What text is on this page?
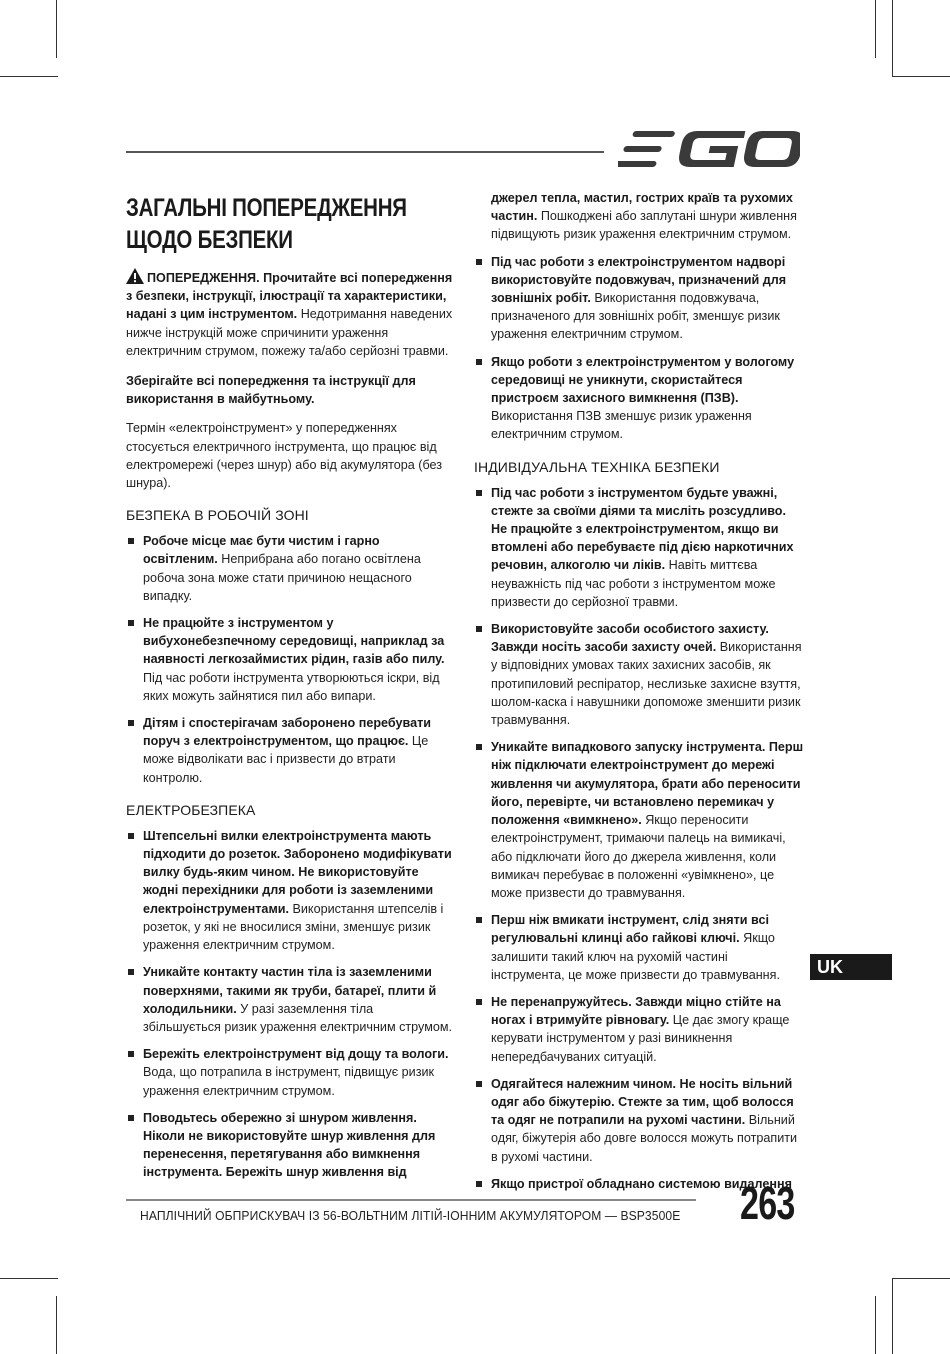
ЗАГАЛЬНІ ПОПЕРЕДЖЕННЯ ЩОДО БЕЗПЕКИ

ПОПЕРЕДЖЕННЯ. Прочитайте всі попередження з безпеки, інструкції, ілюстрації та характеристики, надані з цим інструментом. Недотримання наведених нижче інструкцій може спричинити ураження електричним струмом, пожежу та/або серйозні травми.

Зберігайте всі попередження та інструкції для використання в майбутньому.

Термін «електроінструмент» у попередженнях стосується електричного інструмента, що працює від електромережі (через шнур) або від акумулятора (без шнура).

БЕЗПЕКА В РОБОЧІЙ ЗОНІ
Робоче місце має бути чистим і гарно освітленим. Неприбрана або погано освітлена робоча зона може стати причиною нещасного випадку.
Не працюйте з інструментом у вибухонебезпечному середовищі, наприклад за наявності легкозаймистих рідин, газів або пилу. Під час роботи інструмента утворюються іскри, від яких можуть зайнятися пил або випари.
Дітям і спостерігачам заборонено перебувати поруч з електроінструментом, що працює. Це може відволікати вас і призвести до втрати контролю.
ЕЛЕКТРОБЕЗПЕКА
Штепсельні вилки електроінструмента мають підходити до розеток. Заборонено модифікувати вилку будь-яким чином. Не використовуйте жодні перехідники для роботи із заземленими електроінструментами. Використання штепселів і розеток, у які не вносилися зміни, зменшує ризик ураження електричним струмом.
Уникайте контакту частин тіла із заземленими поверхнями, такими як труби, батареї, плити й холодильники. У разі заземлення тіла збільшується ризик ураження електричним струмом.
Бережіть електроінструмент від дощу та вологи. Вода, що потрапила в інструмент, підвищує ризик ураження електричним струмом.
Поводьтесь обережно зі шнуром живлення. Ніколи не використовуйте шнур живлення для перенесення, перетягування або вимкнення інструмента. Бережіть шнур живлення від
джерел тепла, мастил, гострих країв та рухомих частин. Пошкоджені або заплутані шнури живлення підвищують ризик ураження електричним струмом.
Під час роботи з електроінструментом надворі використовуйте подовжувач, призначений для зовнішніх робіт. Використання подовжувача, призначеного для зовнішніх робіт, зменшує ризик ураження електричним струмом.
Якщо роботи з електроінструментом у вологому середовищі не уникнути, скористайтеся пристроєм захисного вимкнення (ПЗВ). Використання ПЗВ зменшує ризик ураження електричним струмом.
ІНДИВІДУАЛЬНА ТЕХНІКА БЕЗПЕКИ
Під час роботи з інструментом будьте уважні, стежте за своїми діями та мисліть розсудливо. Не працюйте з електроінструментом, якщо ви втомлені або перебуваєте під дією наркотичних речовин, алкоголю чи ліків. Навіть миттєва неуважність під час роботи з інструментом може призвести до серйозної травми.
Використовуйте засоби особистого захисту. Завжди носіть засоби захисту очей. Використання у відповідних умовах таких захисних засобів, як протипиловий респіратор, неслизьке захисне взуття, шолом-каска і навушники допоможе зменшити ризик травмування.
Уникайте випадкового запуску інструмента. Перш ніж підключати електроінструмент до мережі живлення чи акумулятора, брати або переносити його, перевірте, чи встановлено перемикач у положення «вимкнено». Якщо переносити електроінструмент, тримаючи палець на вимикачі, або підключати його до джерела живлення, коли вимикач перебуває в положенні «увімкнено», це може призвести до травмування.
Перш ніж вмикати інструмент, слід зняти всі регулювальні клинці або гайкові ключі. Якщо залишити такий ключ на рухомій частині інструмента, це може призвести до травмування.
Не перенапружуйтесь. Завжди міцно стійте на ногах і втримуйте рівновагу. Це дає змогу краще керувати інструментом у разі виникнення непередбачуваних ситуацій.
Одягайтеся належним чином. Не носіть вільний одяг або біжутерію. Стежте за тим, щоб волосся та одяг не потрапили на рухомі частини. Вільний одяг, біжутерія або довге волосся можуть потрапити в рухомі частини.
Якщо пристрої обладнано системою видалення
UK
НАПЛІЧНИЙ ОБПРИСКУВАЧ ІЗ 56-ВОЛЬТНИМ ЛІТІЙ-ІОННИМ АКУМУЛЯТОРОМ — BSP3500E 263
